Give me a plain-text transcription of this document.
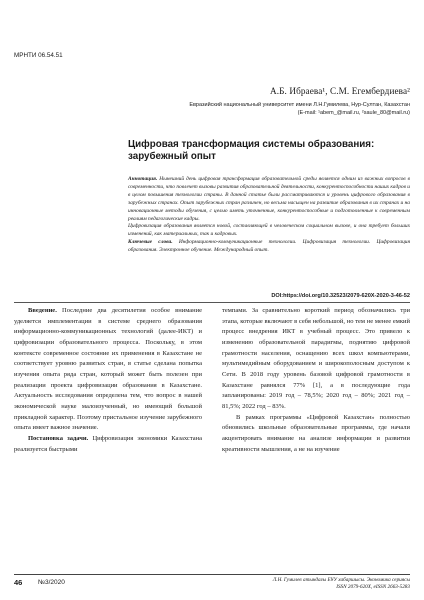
МРНТИ 06.54.51
А.Б. Ибраева¹, С.М. Егембердиева²
Евразийский национальный университет имени Л.Н.Гумилева, Нур-Султан, Казахстан
(E-mail: ¹abem_@mail.ru, ²saule_80@mail.ru)
Цифровая трансформация системы образования: зарубежный опыт

Аннотация. Нынешний день цифровая трансформация образовательной среды является одним из важных вопросов в современности, что повлечет вызовы развития образовательной деятельности, конкурентоспособности наших кадров и в целом повышения технологии страны. В данной статье были рассматриваются и уровень цифрового образования в зарубежных странах. Опыт зарубежных стран различен, но весьма насыщен на развитие образования в их странах и на инновационные методы обучения, с целью иметь уточненные, конкурентоспособные и подготовленные к современным реалиям педагогические кадры.

Цифровизация образования является новой, составляющей в человеческом социальном вызове, и она требует больших изменений, как материальных, так и кадровых.

Ключевые слова. Информационно-коммуникационные технологии. Цифровизация технологии. Цифровизация образования. Электронное обучение. Международный опыт.

DOI:https://doi.org/10.32523/2079-620X-2020-3-46-52

Введение. Последние два десятилетия особое внимание уделяется имплементации в системе среднего образования информационно-коммуникационных технологий (далее-ИКТ) и цифровизации образовательного процесса. Поскольку, в этом контексте современное состояние их применения в Казахстане не соответствует уровню развитых стран, в статье сделана попытка изучения опыта ряда стран, который может быть полезен при реализации проекта цифровизации образования в Казахстане. Актуальность исследования определена тем, что вопрос в нашей экономической науке малоизученный, но имеющий большой прикладной характер. Поэтому пристальное изучение зарубежного опыта имеет важное значение.

Постановка задачи. Цифровизация экономики Казахстана реализуется быстрыми

темпами. За сравнительно короткий период обозначились три этапа, которые включают в себя небольшой, но тем не менее емкий процесс внедрения ИКТ в учебный процесс. Это привело к изменению образовательной парадигмы, поднятию цифровой грамотности населения, оснащению всех школ компьютерами, мультимедийным оборудованием и широкополосным доступом к Сети. В 2018 году уровень базовой цифровой грамотности в Казахстане равнялся 77% [1], а в последующие года запланированы: 2019 год – 78,5%; 2020 год – 80%; 2021 год – 81,5%; 2022 год – 83%.

В рамках программы «Цифровой Казахстан» полностью обновились школьные образовательные программы, где начали акцентировать внимание на анализе информации и развитии креативности мышления, а не на изучение

46 №3/2020	Л.Н. Гумилев атындағы ЕҰУ хабаршысы. Экономика сериясы
ISSN 2079-620X, eISSN 2663-5283
